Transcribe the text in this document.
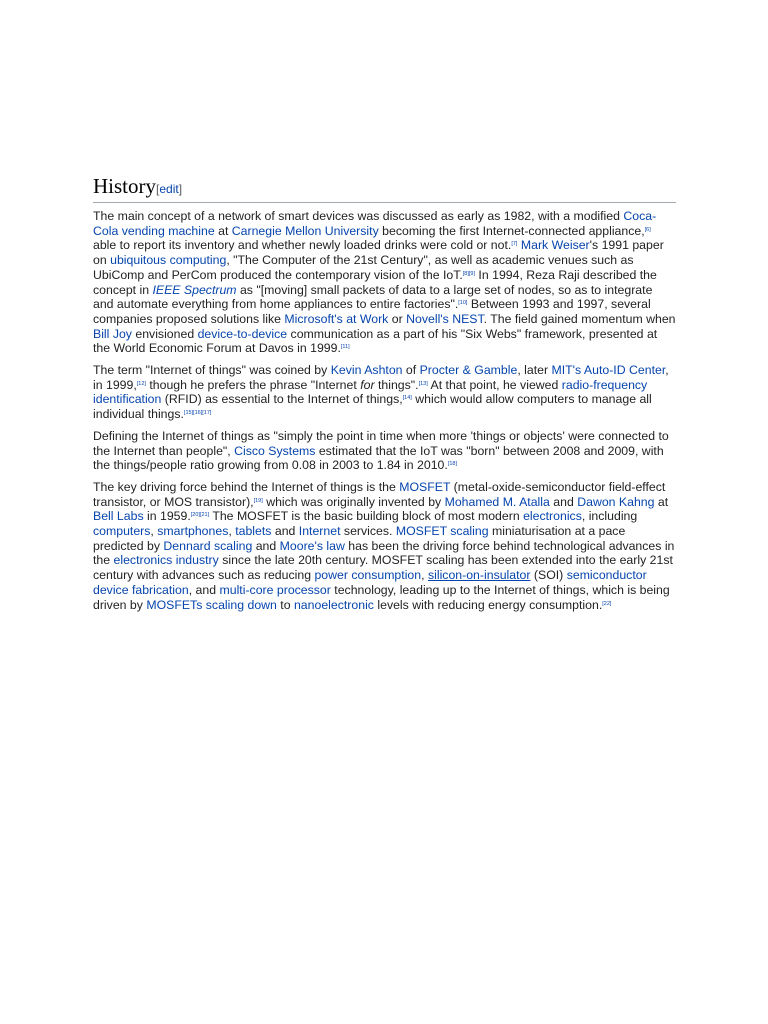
History[edit]

The main concept of a network of smart devices was discussed as early as 1982, with a modified Coca-Cola vending machine at Carnegie Mellon University becoming the first Internet-connected appliance,[6] able to report its inventory and whether newly loaded drinks were cold or not.[7] Mark Weiser's 1991 paper on ubiquitous computing, "The Computer of the 21st Century", as well as academic venues such as UbiComp and PerCom produced the contemporary vision of the IoT.[8][9] In 1994, Reza Raji described the concept in IEEE Spectrum as "[moving] small packets of data to a large set of nodes, so as to integrate and automate everything from home appliances to entire factories".[10] Between 1993 and 1997, several companies proposed solutions like Microsoft's at Work or Novell's NEST. The field gained momentum when Bill Joy envisioned device-to-device communication as a part of his "Six Webs" framework, presented at the World Economic Forum at Davos in 1999.[11]

The term "Internet of things" was coined by Kevin Ashton of Procter & Gamble, later MIT's Auto-ID Center, in 1999,[12] though he prefers the phrase "Internet for things".[13] At that point, he viewed radio-frequency identification (RFID) as essential to the Internet of things,[14] which would allow computers to manage all individual things.[15][16][17]

Defining the Internet of things as "simply the point in time when more 'things or objects' were connected to the Internet than people", Cisco Systems estimated that the IoT was "born" between 2008 and 2009, with the things/people ratio growing from 0.08 in 2003 to 1.84 in 2010.[18]

The key driving force behind the Internet of things is the MOSFET (metal-oxide-semiconductor field-effect transistor, or MOS transistor),[19] which was originally invented by Mohamed M. Atalla and Dawon Kahng at Bell Labs in 1959.[20][21] The MOSFET is the basic building block of most modern electronics, including computers, smartphones, tablets and Internet services. MOSFET scaling miniaturisation at a pace predicted by Dennard scaling and Moore's law has been the driving force behind technological advances in the electronics industry since the late 20th century. MOSFET scaling has been extended into the early 21st century with advances such as reducing power consumption, silicon-on-insulator (SOI) semiconductor device fabrication, and multi-core processor technology, leading up to the Internet of things, which is being driven by MOSFETs scaling down to nanoelectronic levels with reducing energy consumption.[22]
